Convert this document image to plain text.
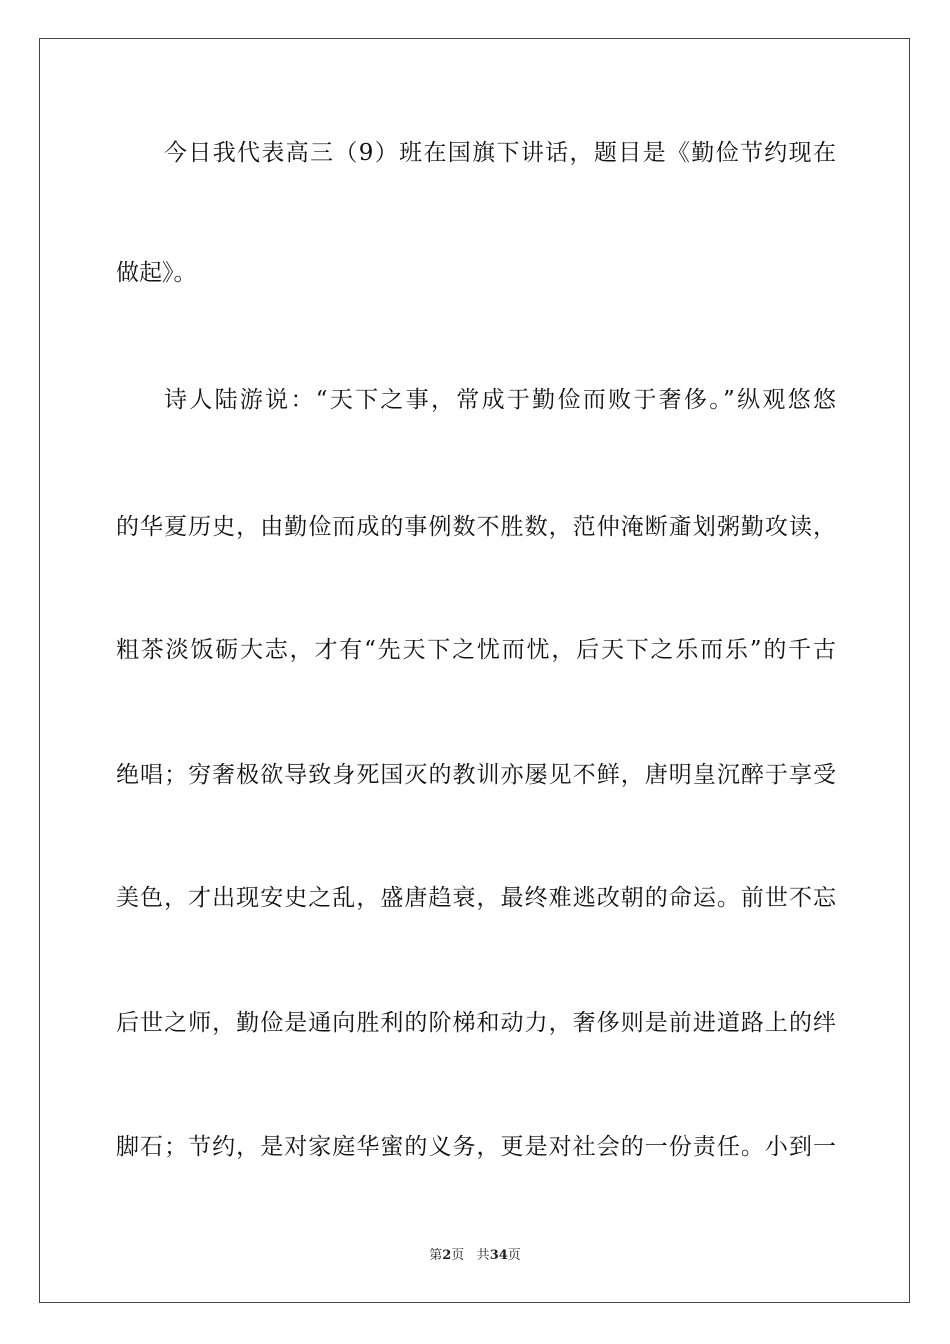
今日我代表高三（9）班在国旗下讲话，题目是《勤俭节约现在
做起》。
诗人陆游说：“天下之事，常成于勤俭而败于奢侈。”纵观悠悠
的华夏历史，由勤俭而成的事例数不胜数，范仲淹断齑划粥勤攻读，
粗茶淡饭砺大志，才有“先天下之忧而忧，后天下之乐而乐”的千古
绝唱；穷奢极欲导致身死国灭的教训亦屡见不鲜，唐明皇沉醉于享受
美色，才出现安史之乱，盛唐趋衰，最终难逃改朝的命运。前世不忘
后世之师，勤俭是通向胜利的阶梯和动力，奢侈则是前进道路上的绊
脚石；节约，是对家庭华蜜的义务，更是对社会的一份责任。小到一
第2页 共34页
